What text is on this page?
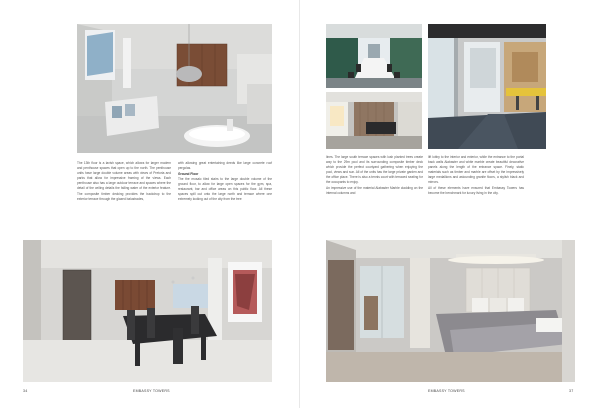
The 13th floor is a lavish space, which allows for larger modern and penthouse spaces that open up to the north. The penthouse units have large double volume areas with views of Pretoria and parks that allow for impressive framing of the views. Each penthouse also has a large outdoor terrace and spaces where the detail of the ceiling details the falling water of the exterior feature. The composite timber decking provides the backdrop to the exterior terrace through the glazed balustrades,

with allowing great entertaining deeds like large concrete roof pergolas.

Ground Floor

The the mosaic tiled stairs to the large double volume of the ground floor, to allow for large open spaces for the gym, spa, restaurant, bar and office areas on this public floor. All these spaces spill out onto the large north and terrace where one extremely looking out of the city from the tree

34	EMBASSY TOWERS

lines. The large south terrace spaces with lush planted trees create way to the 29m pool and its surrounding composite timber deck which provide the perfect courtyard gathering when enjoying the pool, views and sun. All of the units has the large private garden and the office place. There is also a tennis court with terraced seating for the occupants to enjoy.

An impressive use of the material Alabaster Marble cladding on the internal columns and

lift lobby to the interior and exterior, while the entrance to the portal back walls Alabaster and white marble create beautiful decorative panels along the length of the entrance space. Finely, static materials such as timber and marble are offset by the impressively large medallions and astounding granite floors, a stylish black and mirrors.

All of these elements have ensured that Embassy Towers has become the benchmark for luxury living in the city.

EMBASSY TOWERS	37
